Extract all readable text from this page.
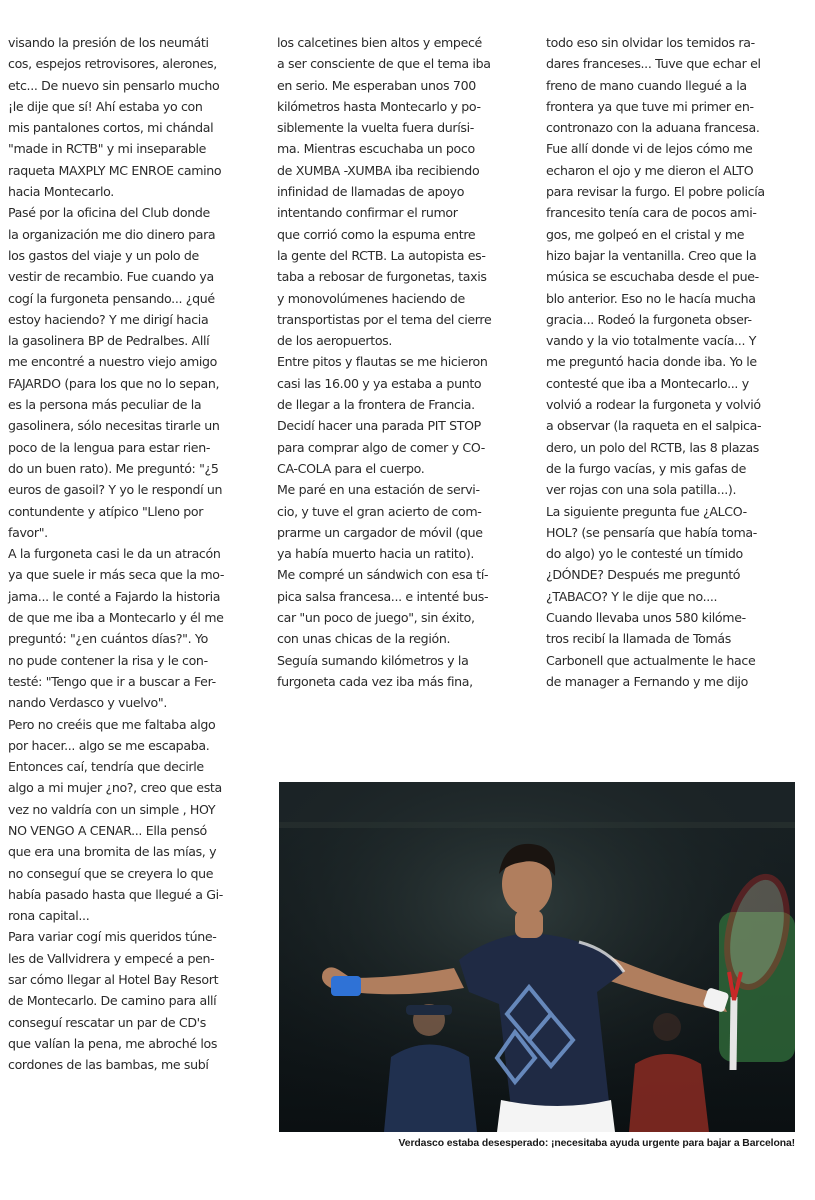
visando la presión de los neumáti

cos, espejos retrovisores, alerones,

etc... De nuevo sin pensarlo mucho

¡le dije que sí! Ahí estaba yo con

mis pantalones cortos, mi chándal

"made in RCTB" y mi inseparable

raqueta MAXPLY MC ENROE camino

hacia Montecarlo.

Pasé por la oficina del Club donde

la organización me dio dinero para

los gastos del viaje y un polo de

vestir de recambio. Fue cuando ya

cogí la furgoneta pensando... ¿qué

estoy haciendo? Y me dirigí hacia

la gasolinera BP de Pedralbes. Allí

me encontré a nuestro viejo amigo

FAJARDO (para los que no lo sepan,

es la persona más peculiar de la

gasolinera, sólo necesitas tirarle un

poco de la lengua para estar rien-

do un buen rato). Me preguntó: "¿5

euros de gasoil? Y yo le respondí un

contundente y atípico "Lleno por

favor".

A la furgoneta casi le da un atracón

ya que suele ir más seca que la mo-

jama... le conté a Fajardo la historia

de que me iba a Montecarlo y él me

preguntó: "¿en cuántos días?". Yo

no pude contener la risa y le con-

testé: "Tengo que ir a buscar a Fer-

nando Verdasco y vuelvo".

Pero no creéis que me faltaba algo

por hacer... algo se me escapaba.

Entonces caí, tendría que decirle

algo a mi mujer ¿no?, creo que esta

vez no valdría con un simple , HOY

NO VENGO A CENAR... Ella pensó

que era una bromita de las mías, y

no conseguí que se creyera lo que

había pasado hasta que llegué a Gi-

rona capital...

Para variar cogí mis queridos túne-

les de Vallvidrera y empecé a pen-

sar cómo llegar al Hotel Bay Resort

de Montecarlo. De camino para allí

conseguí rescatar un par de CD's

que valían la pena, me abroché los

cordones de las bambas, me subí

los calcetines bien altos y empecé

a ser consciente de que el tema iba

en serio. Me esperaban unos 700

kilómetros hasta Montecarlo y po-

siblemente la vuelta fuera durísi-

ma. Mientras escuchaba un poco

de XUMBA -XUMBA iba recibiendo

infinidad de llamadas de apoyo

intentando confirmar el rumor

que corrió como la espuma entre

la gente del RCTB. La autopista es-

taba a rebosar de furgonetas, taxis

y monovolúmenes haciendo de

transportistas por el tema del cierre

de los aeropuertos.

Entre pitos y flautas se me hicieron

casi las 16.00 y ya estaba a punto

de llegar a la frontera de Francia.

Decidí hacer una parada PIT STOP

para comprar algo de comer y CO-

CA-COLA para el cuerpo.

Me paré en una estación de servi-

cio, y tuve el gran acierto de com-

prarme un cargador de móvil (que

ya había muerto hacia un ratito).

Me compré un sándwich con esa tí-

pica salsa francesa... e intenté bus-

car "un poco de juego", sin éxito,

con unas chicas de la región.

Seguía sumando kilómetros y la

furgoneta cada vez iba más fina,

todo eso sin olvidar los temidos ra-

dares franceses... Tuve que echar el

freno de mano cuando llegué a la

frontera ya que tuve mi primer en-

contronazo con la aduana francesa.

Fue allí donde vi de lejos cómo me

echaron el ojo y me dieron el ALTO

para revisar la furgo. El pobre policía

francesito tenía cara de pocos ami-

gos, me golpeó en el cristal y me

hizo bajar la ventanilla. Creo que la

música se escuchaba desde el pue-

blo anterior. Eso no le hacía mucha

gracia... Rodeó la furgoneta obser-

vando y la vio totalmente vacía... Y

me preguntó hacia donde iba. Yo le

contesté que iba a Montecarlo... y

volvió a rodear la furgoneta y volvió

a observar (la raqueta en el salpica-

dero, un polo del RCTB, las 8 plazas

de la furgo vacías, y mis gafas de

ver rojas con una sola patilla...).

La siguiente pregunta fue ¿ALCO-

HOL? (se pensaría que había toma-

do algo) yo le contesté un tímido

¿DÓNDE? Después me preguntó

¿TABACO? Y le dije que no....

Cuando llevaba unos 580 kilóme-

tros recibí la llamada de Tomás

Carbonell que actualmente le hace

de manager a Fernando y me dijo

Verdasco estaba desesperado: ¡necesitaba ayuda urgente para bajar a Barcelona!
